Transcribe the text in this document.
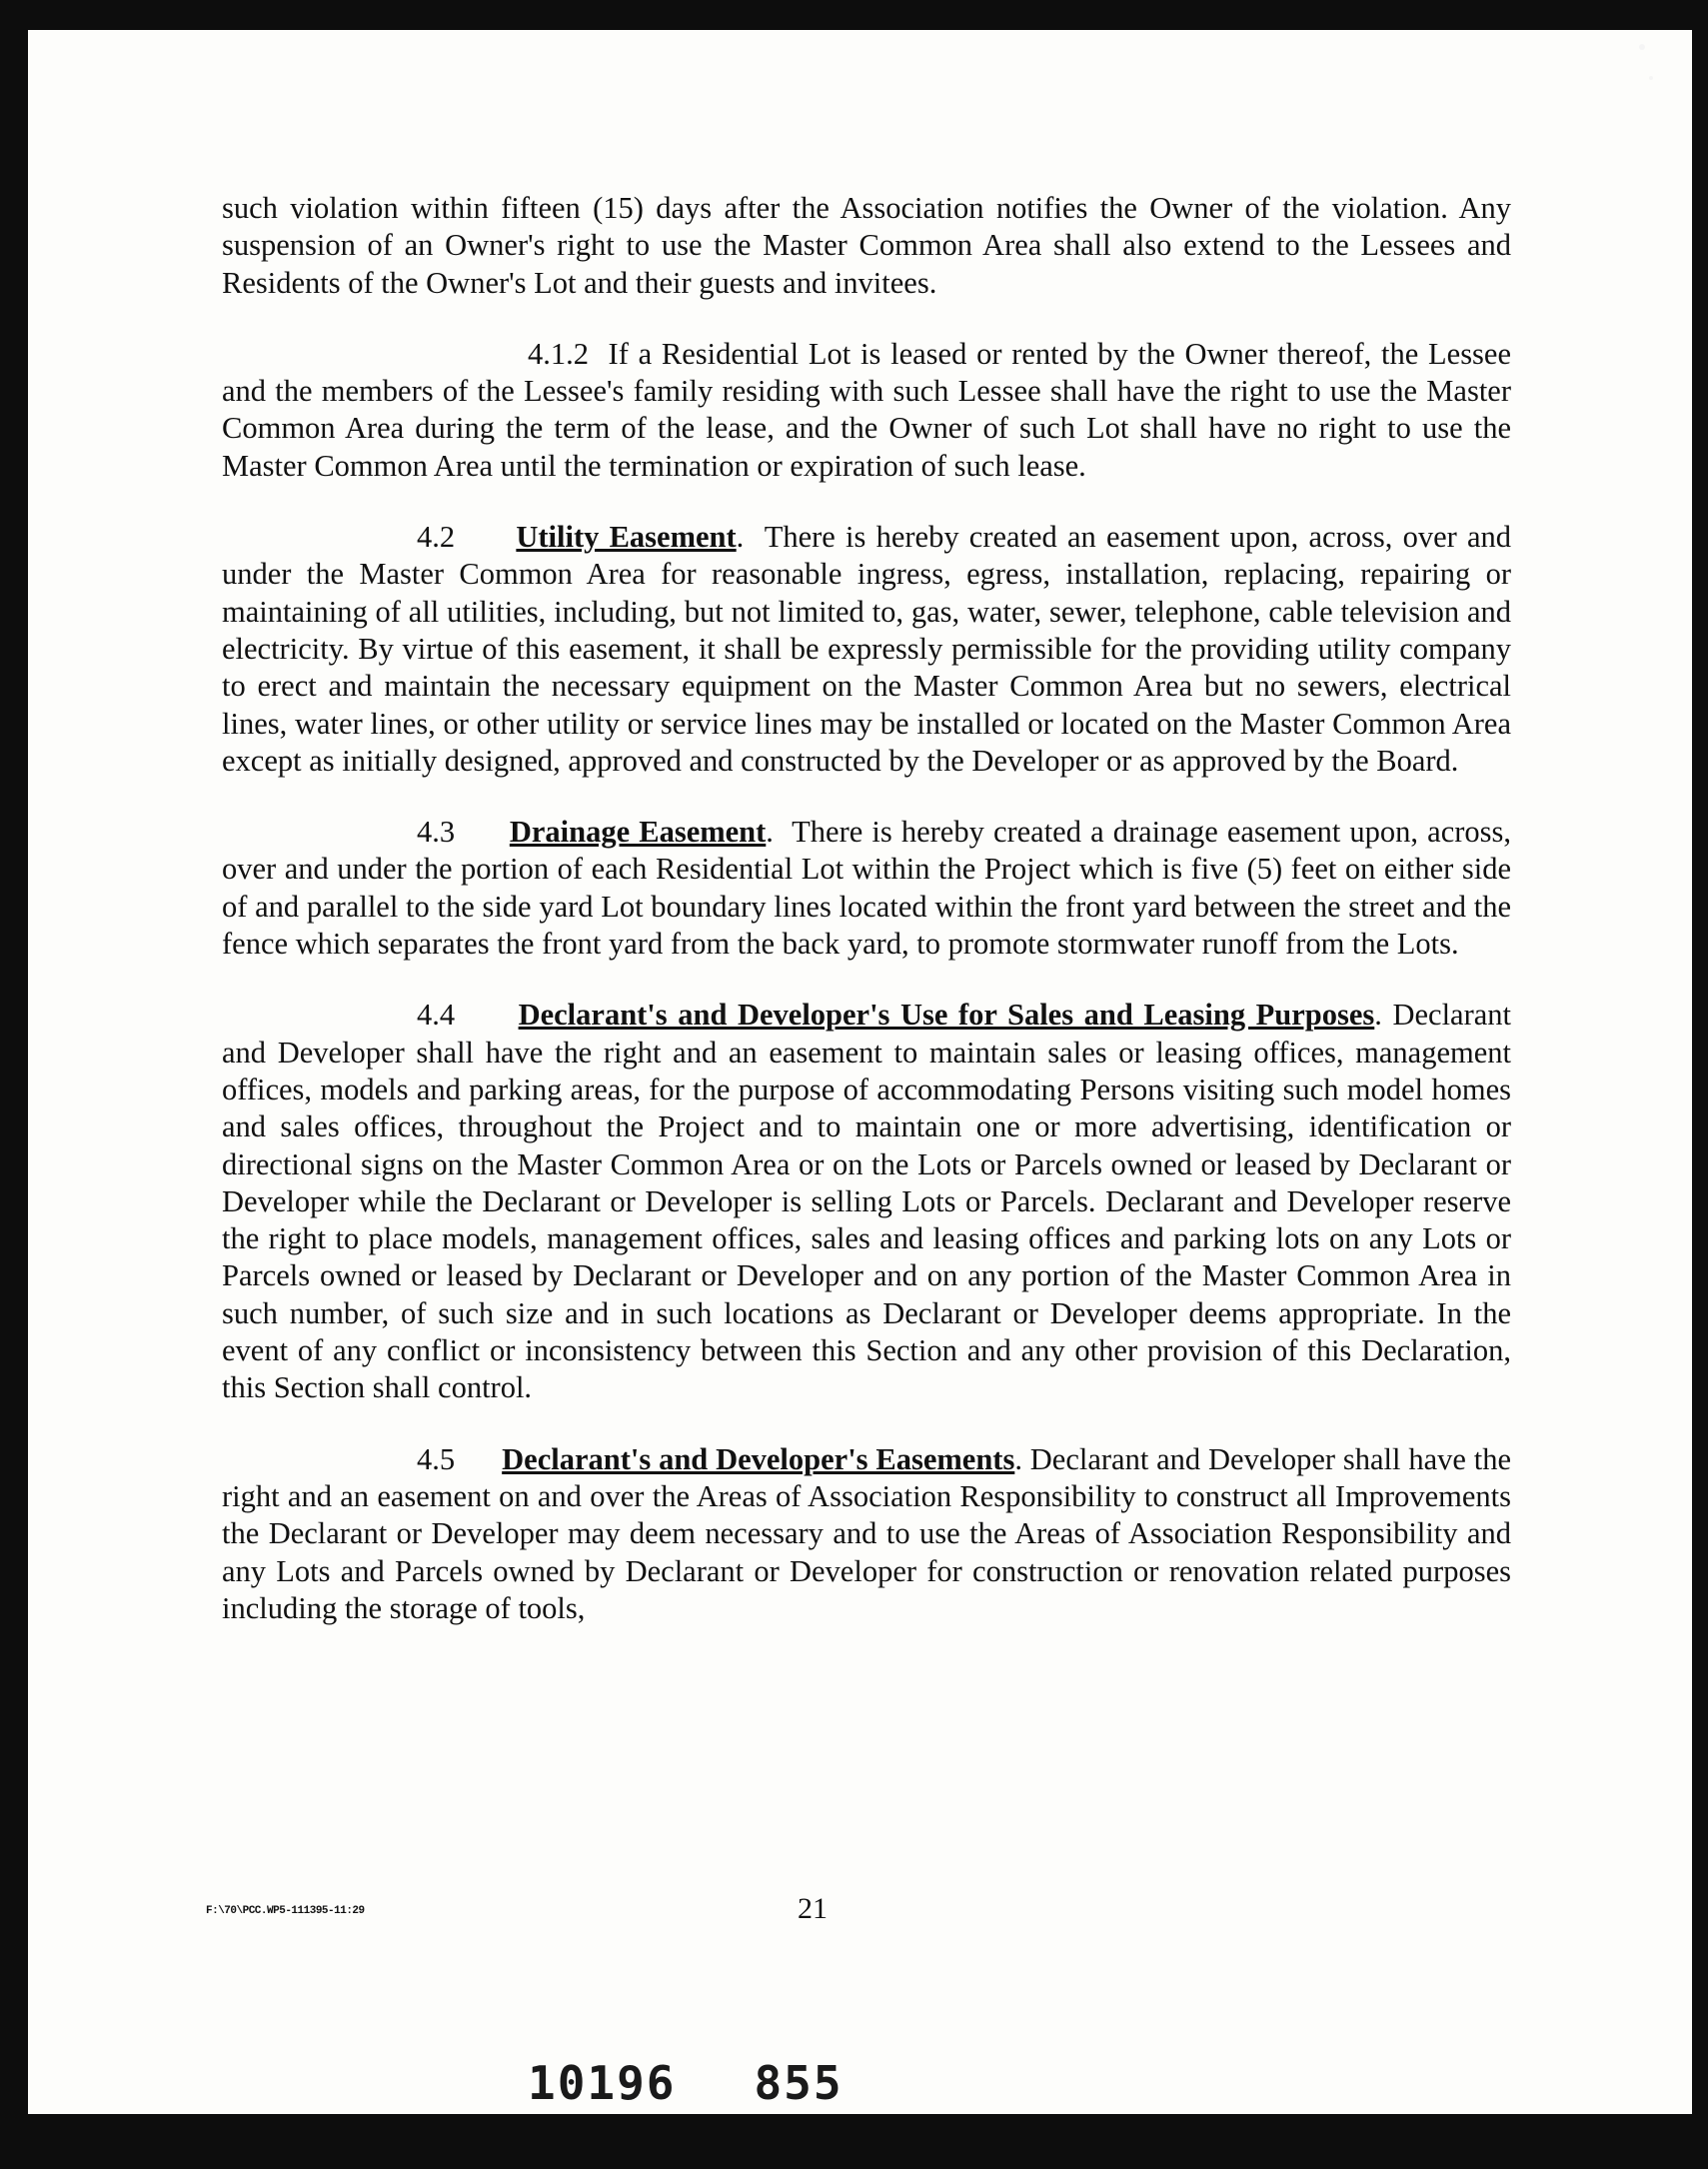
such violation within fifteen (15) days after the Association notifies the Owner of the violation. Any suspension of an Owner's right to use the Master Common Area shall also extend to the Lessees and Residents of the Owner's Lot and their guests and invitees.

4.1.2 If a Residential Lot is leased or rented by the Owner thereof, the Lessee and the members of the Lessee's family residing with such Lessee shall have the right to use the Master Common Area during the term of the lease, and the Owner of such Lot shall have no right to use the Master Common Area until the termination or expiration of such lease.

4.2 Utility Easement.  There is hereby created an easement upon, across, over and under the Master Common Area for reasonable ingress, egress, installation, replacing, repairing or maintaining of all utilities, including, but not limited to, gas, water, sewer, telephone, cable television and electricity. By virtue of this easement, it shall be expressly permissible for the providing utility company to erect and maintain the necessary equipment on the Master Common Area but no sewers, electrical lines, water lines, or other utility or service lines may be installed or located on the Master Common Area except as initially designed, approved and constructed by the Developer or as approved by the Board.

4.3 Drainage Easement.  There is hereby created a drainage easement upon, across, over and under the portion of each Residential Lot within the Project which is five (5) feet on either side of and parallel to the side yard Lot boundary lines located within the front yard between the street and the fence which separates the front yard from the back yard, to promote stormwater runoff from the Lots.

4.4 Declarant's and Developer's Use for Sales and Leasing Purposes. Declarant and Developer shall have the right and an easement to maintain sales or leasing offices, management offices, models and parking areas, for the purpose of accommodating Persons visiting such model homes and sales offices, throughout the Project and to maintain one or more advertising, identification or directional signs on the Master Common Area or on the Lots or Parcels owned or leased by Declarant or Developer while the Declarant or Developer is selling Lots or Parcels. Declarant and Developer reserve the right to place models, management offices, sales and leasing offices and parking lots on any Lots or Parcels owned or leased by Declarant or Developer and on any portion of the Master Common Area in such number, of such size and in such locations as Declarant or Developer deems appropriate. In the event of any conflict or inconsistency between this Section and any other provision of this Declaration, this Section shall control.

4.5 Declarant's and Developer's Easements. Declarant and Developer shall have the right and an easement on and over the Areas of Association Responsibility to construct all Improvements the Declarant or Developer may deem necessary and to use the Areas of Association Responsibility and any Lots and Parcels owned by Declarant or Developer for construction or renovation related purposes including the storage of tools,

F:\70\PCC.WP5-111395-11:29	21
10196 855
